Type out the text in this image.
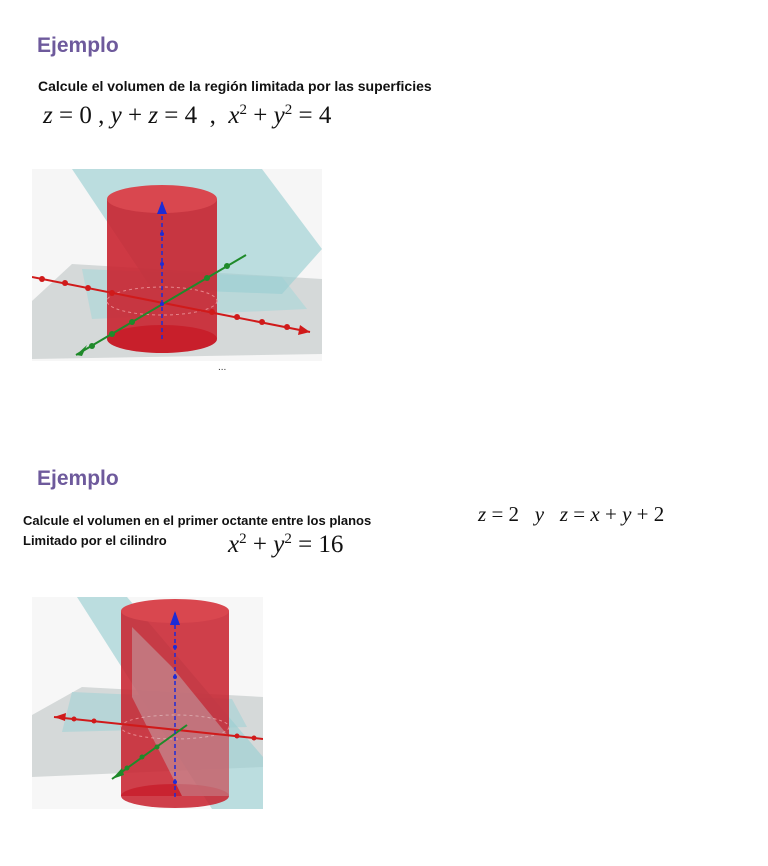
Ejemplo
Calcule el volumen de la región limitada por las superficies
z = 0 , y + z = 4  ,  $x^2 + y^2 = 4$
...
Ejemplo
Calcule el volumen en el primer octante entre los planos
Limitado por el cilindro
z = 2   y z = x + y + 2
$x^2 + y^2 = 16$
